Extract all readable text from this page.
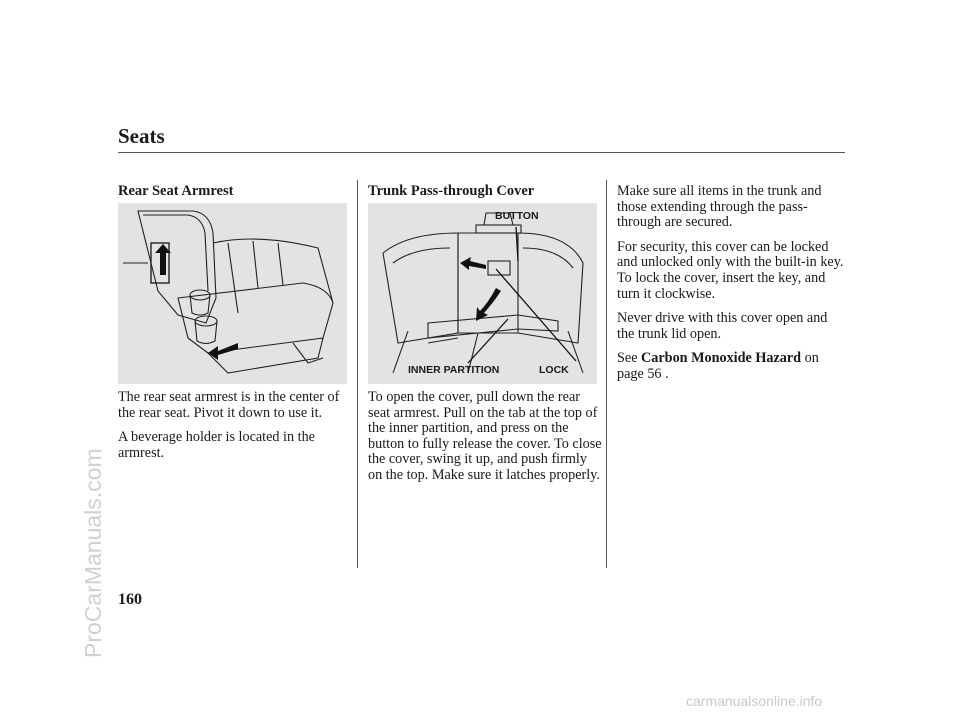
Seats
Rear Seat Armrest

The rear seat armrest is in the center of the rear seat. Pivot it down to use it.

A beverage holder is located in the armrest.

Trunk Pass-through Cover
BUTTON
INNER PARTITION	LOCK

To open the cover, pull down the rear seat armrest. Pull on the tab at the top of the inner partition, and press on the button to fully release the cover. To close the cover, swing it up, and push firmly on the top. Make sure it latches properly.

Make sure all items in the trunk and those extending through the pass-through are secured.

For security, this cover can be locked and unlocked only with the built-in key. To lock the cover, insert the key, and turn it clockwise.

Never drive with this cover open and the trunk lid open.

See Carbon Monoxide Hazard on
page 56 .

160
ProCarManuals.com
carmanualsonline.info
